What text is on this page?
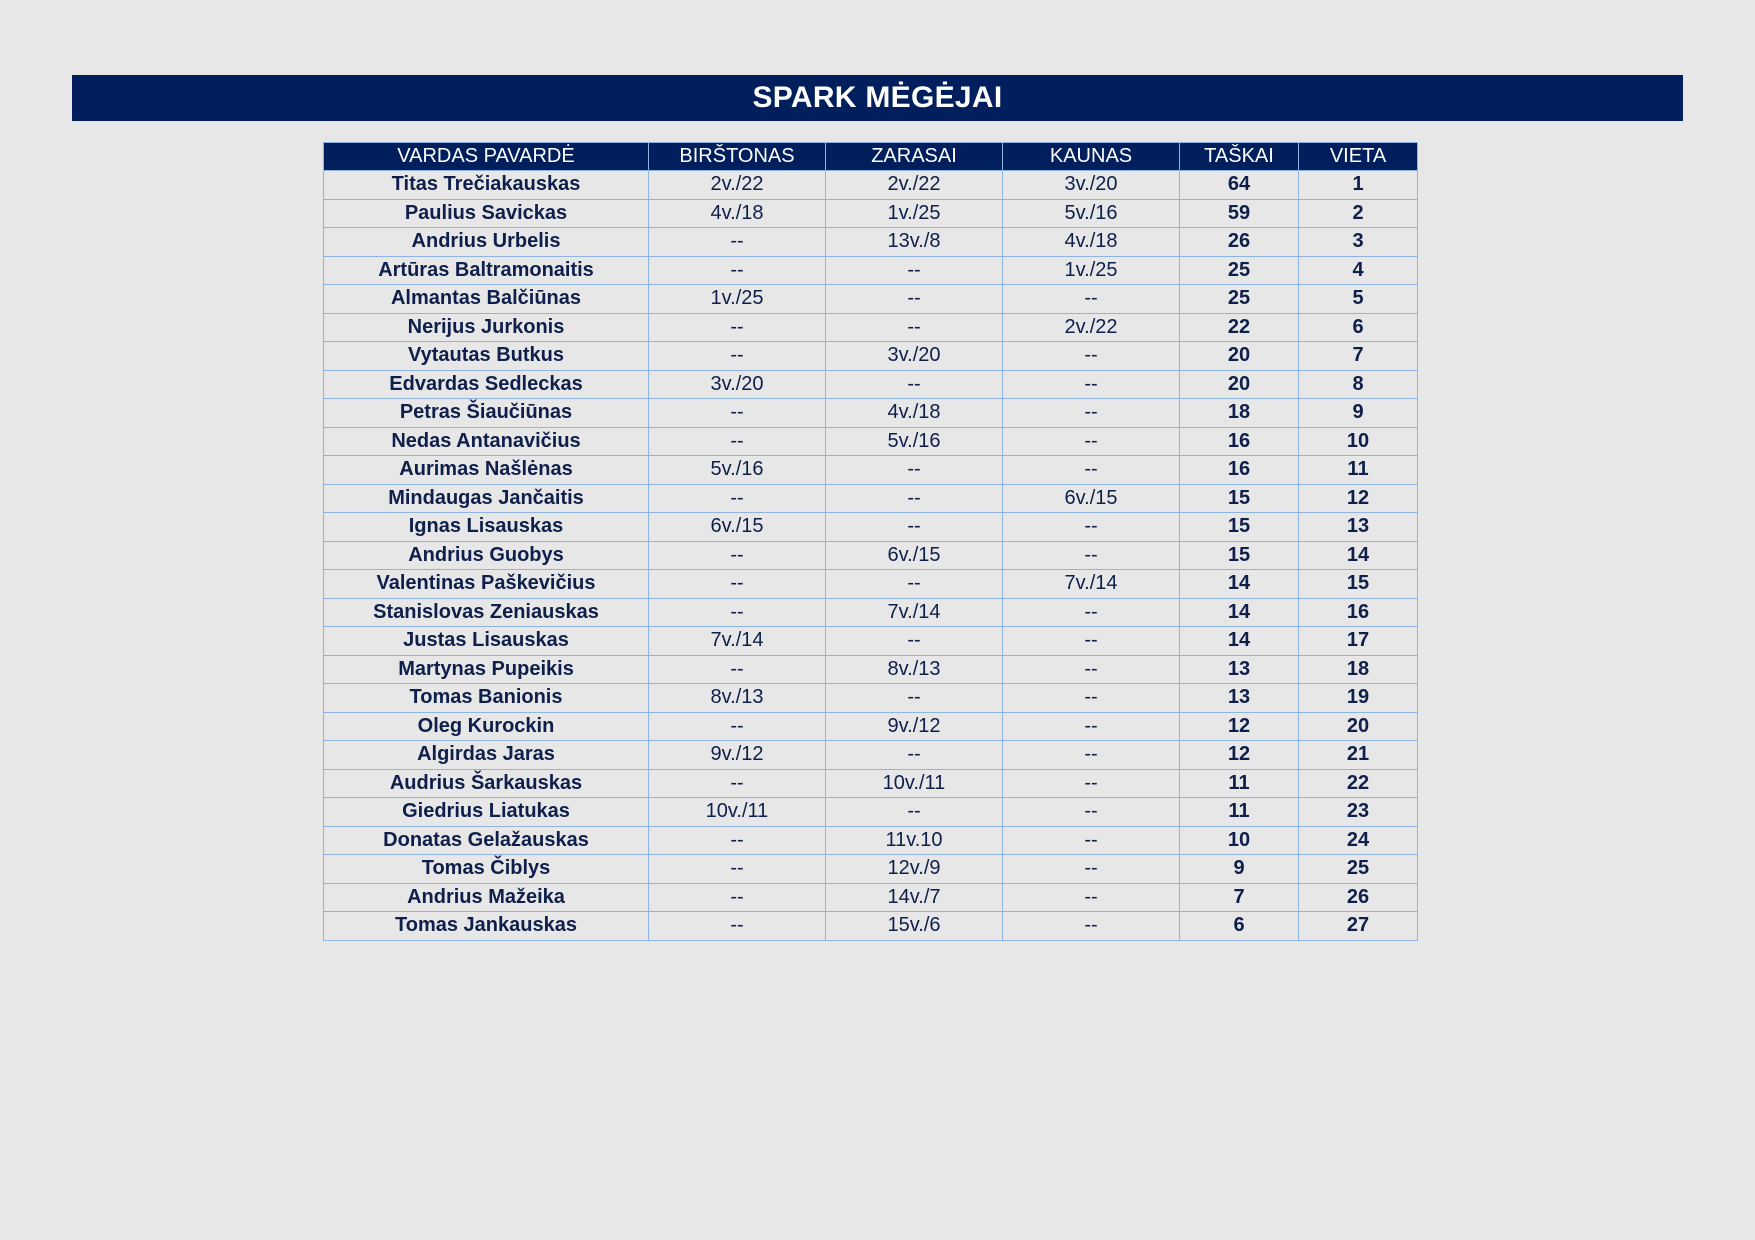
SPARK MĖGĖJAI
VARDAS PAVARDĖ	BIRŠTONAS	ZARASAI	KAUNAS	TAŠKAI	VIETA
Titas Trečiakauskas	2v./22	2v./22	3v./20	64	1
Paulius Savickas	4v./18	1v./25	5v./16	59	2
Andrius Urbelis	--	13v./8	4v./18	26	3
Artūras Baltramonaitis	--	--	1v./25	25	4
Almantas Balčiūnas	1v./25	--	--	25	5
Nerijus Jurkonis	--	--	2v./22	22	6
Vytautas Butkus	--	3v./20	--	20	7
Edvardas Sedleckas	3v./20	--	--	20	8
Petras Šiaučiūnas	--	4v./18	--	18	9
Nedas Antanavičius	--	5v./16	--	16	10
Aurimas Našlėnas	5v./16	--	--	16	11
Mindaugas Jančaitis	--	--	6v./15	15	12
Ignas Lisauskas	6v./15	--	--	15	13
Andrius Guobys	--	6v./15	--	15	14
Valentinas Paškevičius	--	--	7v./14	14	15
Stanislovas Zeniauskas	--	7v./14	--	14	16
Justas Lisauskas	7v./14	--	--	14	17
Martynas Pupeikis	--	8v./13	--	13	18
Tomas Banionis	8v./13	--	--	13	19
Oleg Kurockin	--	9v./12	--	12	20
Algirdas Jaras	9v./12	--	--	12	21
Audrius Šarkauskas	--	10v./11	--	11	22
Giedrius Liatukas	10v./11	--	--	11	23
Donatas Gelažauskas	--	11v.10	--	10	24
Tomas Čiblys	--	12v./9	--	9	25
Andrius Mažeika	--	14v./7	--	7	26
Tomas Jankauskas	--	15v./6	--	6	27
